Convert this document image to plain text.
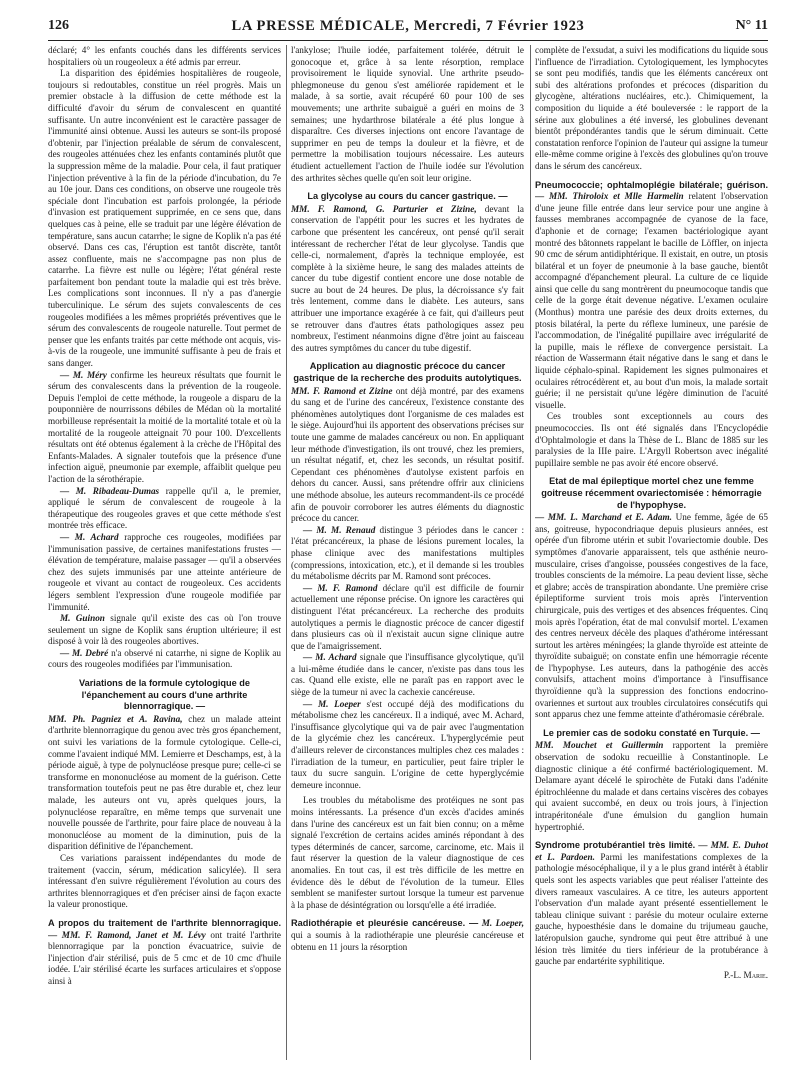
126	LA PRESSE MÉDICALE, Mercredi, 7 Février 1923	N° 11

déclaré; 4° les enfants couchés dans les différents services hospitaliers où un rougeoleux a été admis par erreur.

La disparition des épidémies hospitalières de rougeole, toujours si redoutables, constitue un réel progrès. Mais un premier obstacle à la diffusion de cette méthode est la difficulté d'avoir du sérum de convalescent en quantité suffisante. Un autre inconvénient est le caractère passager de l'immunité ainsi obtenue. Aussi les auteurs se sont-ils proposé d'obtenir, par l'injection préalable de sérum de convalescent, des rougeoles atténuées chez les enfants contaminés plutôt que la suppression même de la maladie. Pour cela, il faut pratiquer l'injection préventive à la fin de la période d'incubation, du 7e au 10e jour. Dans ces conditions, on observe une rougeole très spéciale dont l'incubation est parfois prolongée, la période d'invasion est pratiquement supprimée, en ce sens que, dans quelques cas à peine, elle se traduit par une légère élévation de température, sans aucun catarrhe; le signe de Koplik n'a pas été observé. Dans ces cas, l'éruption est tantôt discrète, tantôt assez confluente, mais ne s'accompagne pas non plus de catarrhe. La fièvre est nulle ou légère; l'état général reste parfaitement bon pendant toute la maladie qui est très brève. Les complications sont inconnues. Il n'y a pas d'anergie tuberculinique. Le sérum des sujets convalescents de ces rougeoles modifiées a les mêmes propriétés préventives que le sérum des convalescents de rougeole naturelle. Tout permet de penser que les enfants traités par cette méthode ont acquis, vis-à-vis de la rougeole, une immunité suffisante à peu de frais et sans danger.

— M. Méry confirme les heureux résultats que fournit le sérum des convalescents dans la prévention de la rougeole. Depuis l'emploi de cette méthode, la rougeole a disparu de la pouponnière de nourrissons débiles de Médan où la mortalité morbilleuse représentait la moitié de la mortalité totale et où la mortalité de la rougeole atteignait 70 pour 100. D'excellents résultats ont été obtenus également à la crèche de l'Hôpital des Enfants-Malades. A signaler toutefois que la présence d'une infection aiguë, pneumonie par exemple, affaiblit quelque peu l'action de la sérothérapie.

— M. Ribadeau-Dumas rappelle qu'il a, le premier, appliqué le sérum de convalescent de rougeole à la thérapeutique des rougeoles graves et que cette méthode s'est montrée très efficace.

— M. Achard rapproche ces rougeoles, modifiées par l'immunisation passive, de certaines manifestations frustes — élévation de température, malaise passager — qu'il a observées chez des sujets immunisés par une atteinte antérieure de rougeole et vivant au contact de rougeoleux. Ces accidents légers semblent l'expression d'une rougeole modifiée par l'immunité.

M. Guinon signale qu'il existe des cas où l'on trouve seulement un signe de Koplik sans éruption ultérieure; il est disposé à voir là des rougeoles abortives.

— M. Debré n'a observé ni catarrhe, ni signe de Koplik au cours des rougeoles modifiées par l'immunisation.

Variations de la formule cytologique de l'épanchement au cours d'une arthrite blennorragique. —

MM. Ph. Pagniez et A. Ravina, chez un malade atteint d'arthrite blennorragique du genou avec très gros épanchement, ont suivi les variations de la formule cytologique. Celle-ci, comme l'avaient indiqué MM. Lemierre et Deschamps, est, à la période aiguë, à type de polynucléose presque pure; celle-ci se transforme en mononucléose au moment de la guérison. Cette transformation toutefois peut ne pas être durable et, chez leur malade, les auteurs ont vu, après quelques jours, la polynucléose reparaître, en même temps que survenait une nouvelle poussée de l'arthrite, pour faire place de nouveau à la mononucléose au moment de la diminution, puis de la disparition définitive de l'épanchement.

Ces variations paraissent indépendantes du mode de traitement (vaccin, sérum, médication salicylée). Il sera intéressant d'en suivre régulièrement l'évolution au cours des arthrites blennorragiques et d'en préciser ainsi de façon exacte la valeur pronostique.

A propos du traitement de l'arthrite blennorragique. — MM. F. Ramond, Janet et M. Lévy ont traité l'arthrite blennorragique par la ponction évacuatrice, suivie de l'injection d'air stérilisé, puis de 5 cmc et de 10 cmc d'huile iodée. L'air stérilisé écarte les surfaces articulaires et s'oppose ainsi à

l'ankylose; l'huile iodée, parfaitement tolérée, détruit le gonocoque et, grâce à sa lente résorption, remplace provisoirement le liquide synovial. Une arthrite pseudo-phlegmoneuse du genou s'est améliorée rapidement et le malade, à sa sortie, avait récupéré 60 pour 100 de ses mouvements; une arthrite subaiguë a guéri en moins de 3 semaines; une hydarthrose bilatérale a été plus longue à disparaître. Ces diverses injections ont encore l'avantage de supprimer en peu de temps la douleur et la fièvre, et de permettre la mobilisation toujours nécessaire. Les auteurs étudient actuellement l'action de l'huile iodée sur l'évolution des arthrites sèches quelle qu'en soit leur origine.

La glycolyse au cours du cancer gastrique. —

MM. F. Ramond, G. Parturier et Zizine, devant la conservation de l'appétit pour les sucres et les hydrates de carbone que présentent les cancéreux, ont pensé qu'il serait intéressant de rechercher l'état de leur glycolyse. Tandis que celle-ci, normalement, d'après la technique employée, est complète à la sixième heure, le sang des malades atteints de cancer du tube digestif contient encore une dose notable de sucre au bout de 24 heures. De plus, la décroissance s'y fait très lentement, comme dans le diabète. Les auteurs, sans attribuer une importance exagérée à ce fait, qui d'ailleurs peut se retrouver dans d'autres états pathologiques assez peu nombreux, l'estiment néanmoins digne d'être joint au faisceau des autres symptômes du cancer du tube digestif.

Application au diagnostic précoce du cancer gastrique de la recherche des produits autolytiques.

MM. F. Ramond et Zizine ont déjà montré, par des examens du sang et de l'urine des cancéreux, l'existence constante des phénomènes autolytiques dont l'organisme de ces malades est le siège. Aujourd'hui ils apportent des observations précises sur toute une gamme de malades cancéreux ou non. En appliquant leur méthode d'investigation, ils ont trouvé, chez les premiers, un résultat négatif, et, chez les seconds, un résultat positif. Cependant ces phénomènes d'autolyse existent parfois en dehors du cancer. Aussi, sans prétendre offrir aux cliniciens une méthode absolue, les auteurs recommandent-ils ce procédé afin de pouvoir corroborer les autres éléments du diagnostic précoce du cancer.

— M. M. Renaud distingue 3 périodes dans le cancer : l'état précancéreux, la phase de lésions purement locales, la phase clinique avec des manifestations multiples (compressions, intoxication, etc.), et il demande si les troubles du métabolisme décrits par M. Ramond sont précoces.

— M. F. Ramond déclare qu'il est difficile de fournir actuellement une réponse précise. On ignore les caractères qui distinguent l'état précancéreux. La recherche des produits autolytiques a permis le diagnostic précoce de cancer digestif dans plusieurs cas où il n'existait aucun signe clinique autre que de l'amaigrissement.

— M. Achard signale que l'insuffisance glycolytique, qu'il a lui-même étudiée dans le cancer, n'existe pas dans tous les cas. Quand elle existe, elle ne paraît pas en rapport avec le siège de la tumeur ni avec la cachexie cancéreuse.

— M. Loeper s'est occupé déjà des modifications du métabolisme chez les cancéreux. Il a indiqué, avec M. Achard, l'insuffisance glycolytique qui va de pair avec l'augmentation de la glycémie chez les cancéreux. L'hyperglycémie peut d'ailleurs relever de circonstances multiples chez ces malades : l'irradiation de la tumeur, en particulier, peut faire tripler le taux du sucre sanguin. L'origine de cette hyperglycémie demeure inconnue.

Les troubles du métabolisme des protéiques ne sont pas moins intéressants. La présence d'un excès d'acides aminés dans l'urine des cancéreux est un fait bien connu; on a même signalé l'excrétion de certains acides aminés répondant à des types déterminés de cancer, sarcome, carcinome, etc. Mais il faut réserver la question de la valeur diagnostique de ces anomalies. En tout cas, il est très difficile de les mettre en évidence dès le début de l'évolution de la tumeur. Elles semblent se manifester surtout lorsque la tumeur est parvenue à la phase de désintégration ou lorsqu'elle a été irradiée.

Radiothérapie et pleurésie cancéreuse. — M. Loeper, qui a soumis à la radiothérapie une pleurésie cancéreuse et obtenu en 11 jours la résorption

complète de l'exsudat, a suivi les modifications du liquide sous l'influence de l'irradiation. Cytologiquement, les lymphocytes se sont peu modifiés, tandis que les éléments cancéreux ont subi des altérations profondes et précoces (disparition du glycogène, altérations nucléaires, etc.). Chimiquement, la composition du liquide a été bouleversée : le rapport de la sérine aux globulines a été inversé, les globulines devenant bientôt prépondérantes tandis que le sérum diminuait. Cette constatation renforce l'opinion de l'auteur qui assigne la tumeur elle-même comme origine à l'excès des globulines qu'on trouve dans le sérum des cancéreux.

Pneumococcie; ophtalmoplégie bilatérale; guérison. — MM. Thiroloix et Mlle Harmelin relatent l'observation d'une jeune fille entrée dans leur service pour une angine à fausses membranes accompagnée de cyanose de la face, d'aphonie et de cornage; l'examen bactériologique ayant montré des bâtonnets rappelant le bacille de Löffler, on injecta 90 cmc de sérum antidiphtérique. Il existait, en outre, un ptosis bilatéral et un foyer de pneumonie à la base gauche, bientôt accompagné d'épanchement pleural. La culture de ce liquide ainsi que celle du sang montrèrent du pneumocoque tandis que celle de la gorge était devenue négative. L'examen oculaire (Monthus) montra une parésie des deux droits externes, du ptosis bilatéral, la perte du réflexe lumineux, une parésie de l'accommodation, de l'inégalité pupillaire avec irrégularité de la pupille, mais le réflexe de convergence persistait. La réaction de Wassermann était négative dans le sang et dans le liquide céphalo-spinal. Rapidement les signes pulmonaires et oculaires rétrocédèrent et, au bout d'un mois, la malade sortait guérie; il ne persistait qu'une légère diminution de l'acuité visuelle.

Ces troubles sont exceptionnels au cours des pneumococcies. Ils ont été signalés dans l'Encyclopédie d'Ophtalmologie et dans la Thèse de L. Blanc de 1885 sur les paralysies de la IIIe paire. L'Argyll Robertson avec inégalité pupillaire semble ne pas avoir été encore observé.

Etat de mal épileptique mortel chez une femme goitreuse récemment ovariectomisée : hémorragie de l'hypophyse.

— MM. L. Marchand et E. Adam. Une femme, âgée de 65 ans, goitreuse, hypocondriaque depuis plusieurs années, est opérée d'un fibrome utérin et subit l'ovariectomie double. Des symptômes d'anovarie apparaissent, tels que asthénie neuro-musculaire, crises d'angoisse, poussées congestives de la face, troubles conscients de la mémoire. La peau devient lisse, sèche et glabre; accès de transpiration abondante. Une première crise épileptiforme survient trois mois après l'intervention chirurgicale, puis des vertiges et des absences fréquentes. Cinq mois après l'opération, état de mal convulsif mortel. L'examen des centres nerveux décèle des plaques d'athérome intéressant surtout les artères méningées; la glande thyroïde est atteinte de thyroïdite subaiguë; on constate enfin une hémorragie récente de l'hypophyse. Les auteurs, dans la pathogénie des accès convulsifs, attachent moins d'importance à l'insuffisance thyroïdienne qu'à la suppression des fonctions endocrino-ovariennes et surtout aux troubles circulatoires consécutifs qui sont apparus chez une femme atteinte d'athéromasie cérébrale.

Le premier cas de sodoku constaté en Turquie. —

MM. Mouchet et Guillermin rapportent la première observation de sodoku recueillie à Constantinople. Le diagnostic clinique a été confirmé bactériologiquement. M. Delamare ayant décelé le spirochète de Futaki dans l'adénite épitrochléenne du malade et dans certains viscères des cobayes qui avaient succombé, en deux ou trois jours, à l'injection intrapéritonéale d'une émulsion du ganglion humain hypertrophié.

Syndrome protubérantiel très limité. — MM. E. Duhot et L. Pardoen. Parmi les manifestations complexes de la pathologie mésocéphalique, il y a le plus grand intérêt à établir quels sont les aspects variables que peut réaliser l'atteinte des divers rameaux vasculaires. A ce titre, les auteurs apportent l'observation d'un malade ayant présenté essentiellement le tableau clinique suivant : parésie du moteur oculaire externe gauche, hypoesthésie dans le domaine du trijumeau gauche, latéropulsion gauche, syndrome qui peut être attribué à une lésion très limitée du tiers inférieur de la protubérance à gauche par endartérite syphilitique.

P.-L. Marie.
